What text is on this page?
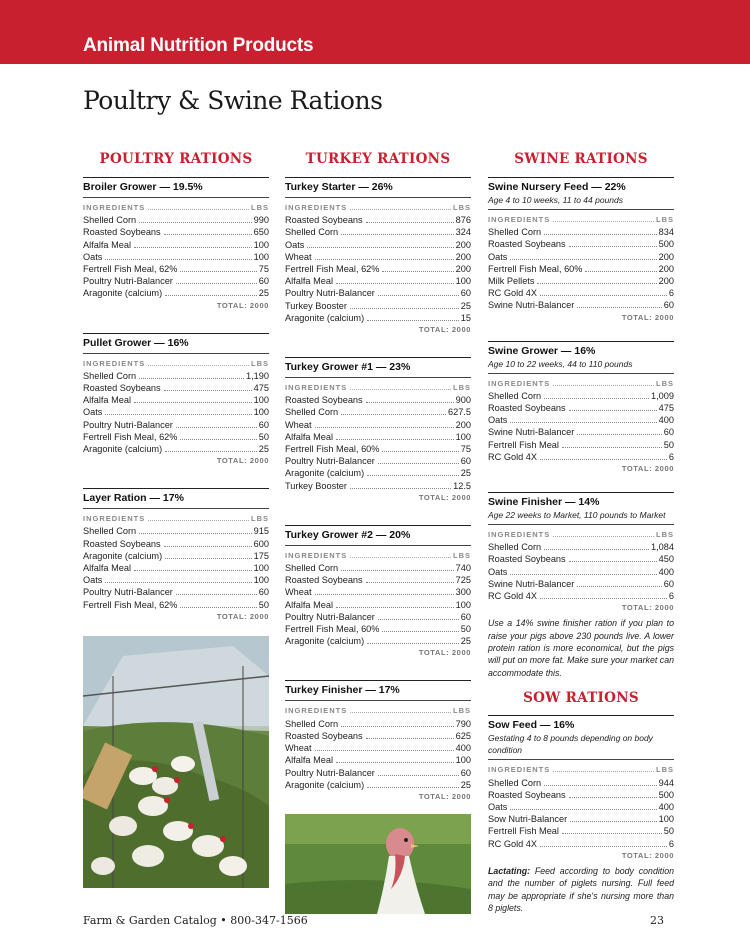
Animal Nutrition Products
Poultry & Swine Rations
POULTRY RATIONS
Broiler Grower — 19.5%
INGREDIENTS	LBS
Shelled Corn	990
Roasted Soybeans	650
Alfalfa Meal	100
Oats	100
Fertrell Fish Meal, 62%	75
Poultry Nutri-Balancer	60
Aragonite (calcium)	25
TOTAL: 2000
Pullet Grower — 16%
INGREDIENTS	LBS
Shelled Corn	1,190
Roasted Soybeans	475
Alfalfa Meal	100
Oats	100
Poultry Nutri-Balancer	60
Fertrell Fish Meal, 62%	50
Aragonite (calcium)	25
TOTAL: 2000
Layer Ration — 17%
INGREDIENTS	LBS
Shelled Corn	915
Roasted Soybeans	600
Aragonite (calcium)	175
Alfalfa Meal	100
Oats	100
Poultry Nutri-Balancer	60
Fertrell Fish Meal, 62%	50
TOTAL: 2000
TURKEY RATIONS
Turkey Starter — 26%
INGREDIENTS	LBS
Roasted Soybeans	876
Shelled Corn	324
Oats	200
Wheat	200
Fertrell Fish Meal, 62%	200
Alfalfa Meal	100
Poultry Nutri-Balancer	60
Turkey Booster	25
Aragonite (calcium)	15
TOTAL: 2000
Turkey Grower #1 — 23%
INGREDIENTS	LBS
Roasted Soybeans	900
Shelled Corn	627.5
Wheat	200
Alfalfa Meal	100
Fertrell Fish Meal, 60%	75
Poultry Nutri-Balancer	60
Aragonite (calcium)	25
Turkey Booster	12.5
TOTAL: 2000
Turkey Grower #2 — 20%
INGREDIENTS	LBS
Shelled Corn	740
Roasted Soybeans	725
Wheat	300
Alfalfa Meal	100
Poultry Nutri-Balancer	60
Fertrell Fish Meal, 60%	50
Aragonite (calcium)	25
TOTAL: 2000
Turkey Finisher — 17%
INGREDIENTS	LBS
Shelled Corn	790
Roasted Soybeans	625
Wheat	400
Alfalfa Meal	100
Poultry Nutri-Balancer	60
Aragonite (calcium)	25
TOTAL: 2000
SWINE RATIONS
Swine Nursery Feed — 22%
Age 4 to 10 weeks, 11 to 44 pounds
INGREDIENTS	LBS
Shelled Corn	834
Roasted Soybeans	500
Oats	200
Fertrell Fish Meal, 60%	200
Milk Pellets	200
RC Gold 4X	6
Swine Nutri-Balancer	60
TOTAL: 2000
Swine Grower — 16%
Age 10 to 22 weeks, 44 to 110 pounds
INGREDIENTS	LBS
Shelled Corn	1,009
Roasted Soybeans	475
Oats	400
Swine Nutri-Balancer	60
Fertrell Fish Meal	50
RC Gold 4X	6
TOTAL: 2000
Swine Finisher — 14%
Age 22 weeks to Market, 110 pounds to Market
INGREDIENTS	LBS
Shelled Corn	1,084
Roasted Soybeans	450
Oats	400
Swine Nutri-Balancer	60
RC Gold 4X	6
TOTAL: 2000
Use a 14% swine finisher ration if you plan to raise your pigs above 230 pounds live. A lower protein ration is more economical, but the pigs will put on more fat. Make sure your market can accommodate this.
SOW RATIONS
Sow Feed — 16%
Gestating 4 to 8 pounds depending on body condition
INGREDIENTS	LBS
Shelled Corn	944
Roasted Soybeans	500
Oats	400
Sow Nutri-Balancer	100
Fertrell Fish Meal	50
RC Gold 4X	6
TOTAL: 2000
Lactating: Feed according to body condition and the number of piglets nursing. Full feed may be appropriate if she's nursing more than 8 piglets.
Farm & Garden Catalog • 800-347-1566	23
